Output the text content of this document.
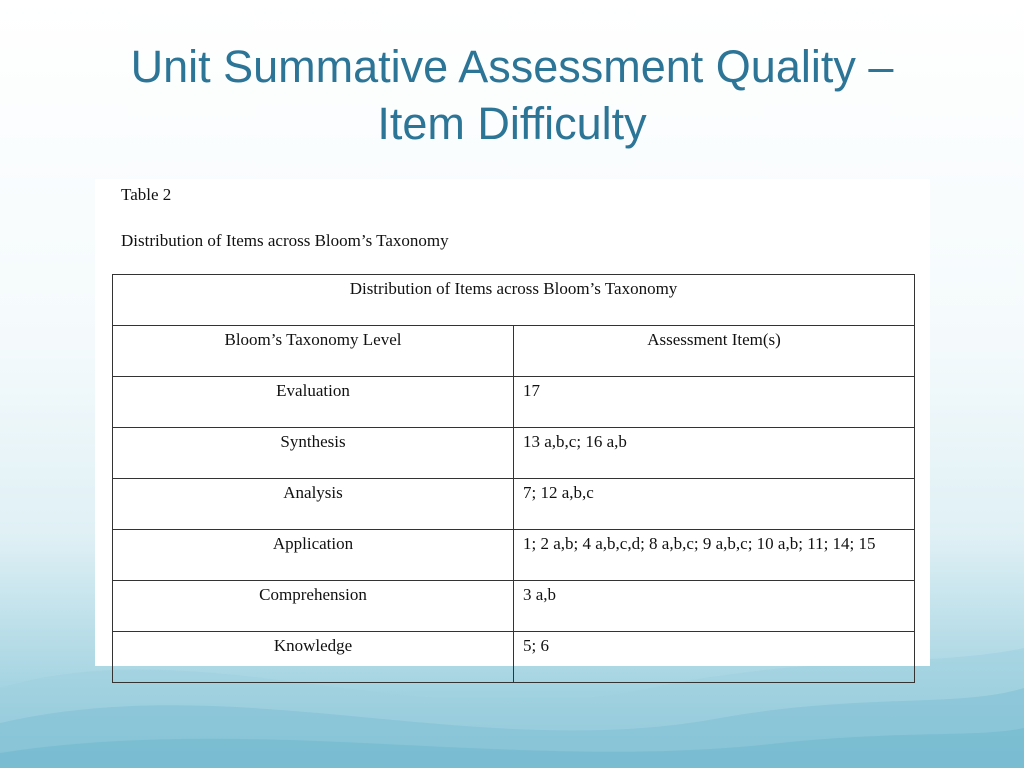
Unit Summative Assessment Quality –
Item Difficulty
Table 2
Distribution of Items across Bloom’s Taxonomy
Distribution of Items across Bloom’s Taxonomy	
Bloom’s Taxonomy Level	Assessment Item(s)
Evaluation	17
Synthesis	13 a,b,c; 16 a,b
Analysis	7; 12 a,b,c
Application	1; 2 a,b; 4 a,b,c,d; 8 a,b,c; 9 a,b,c; 10 a,b; 11; 14; 15
Comprehension	3 a,b
Knowledge	5; 6
